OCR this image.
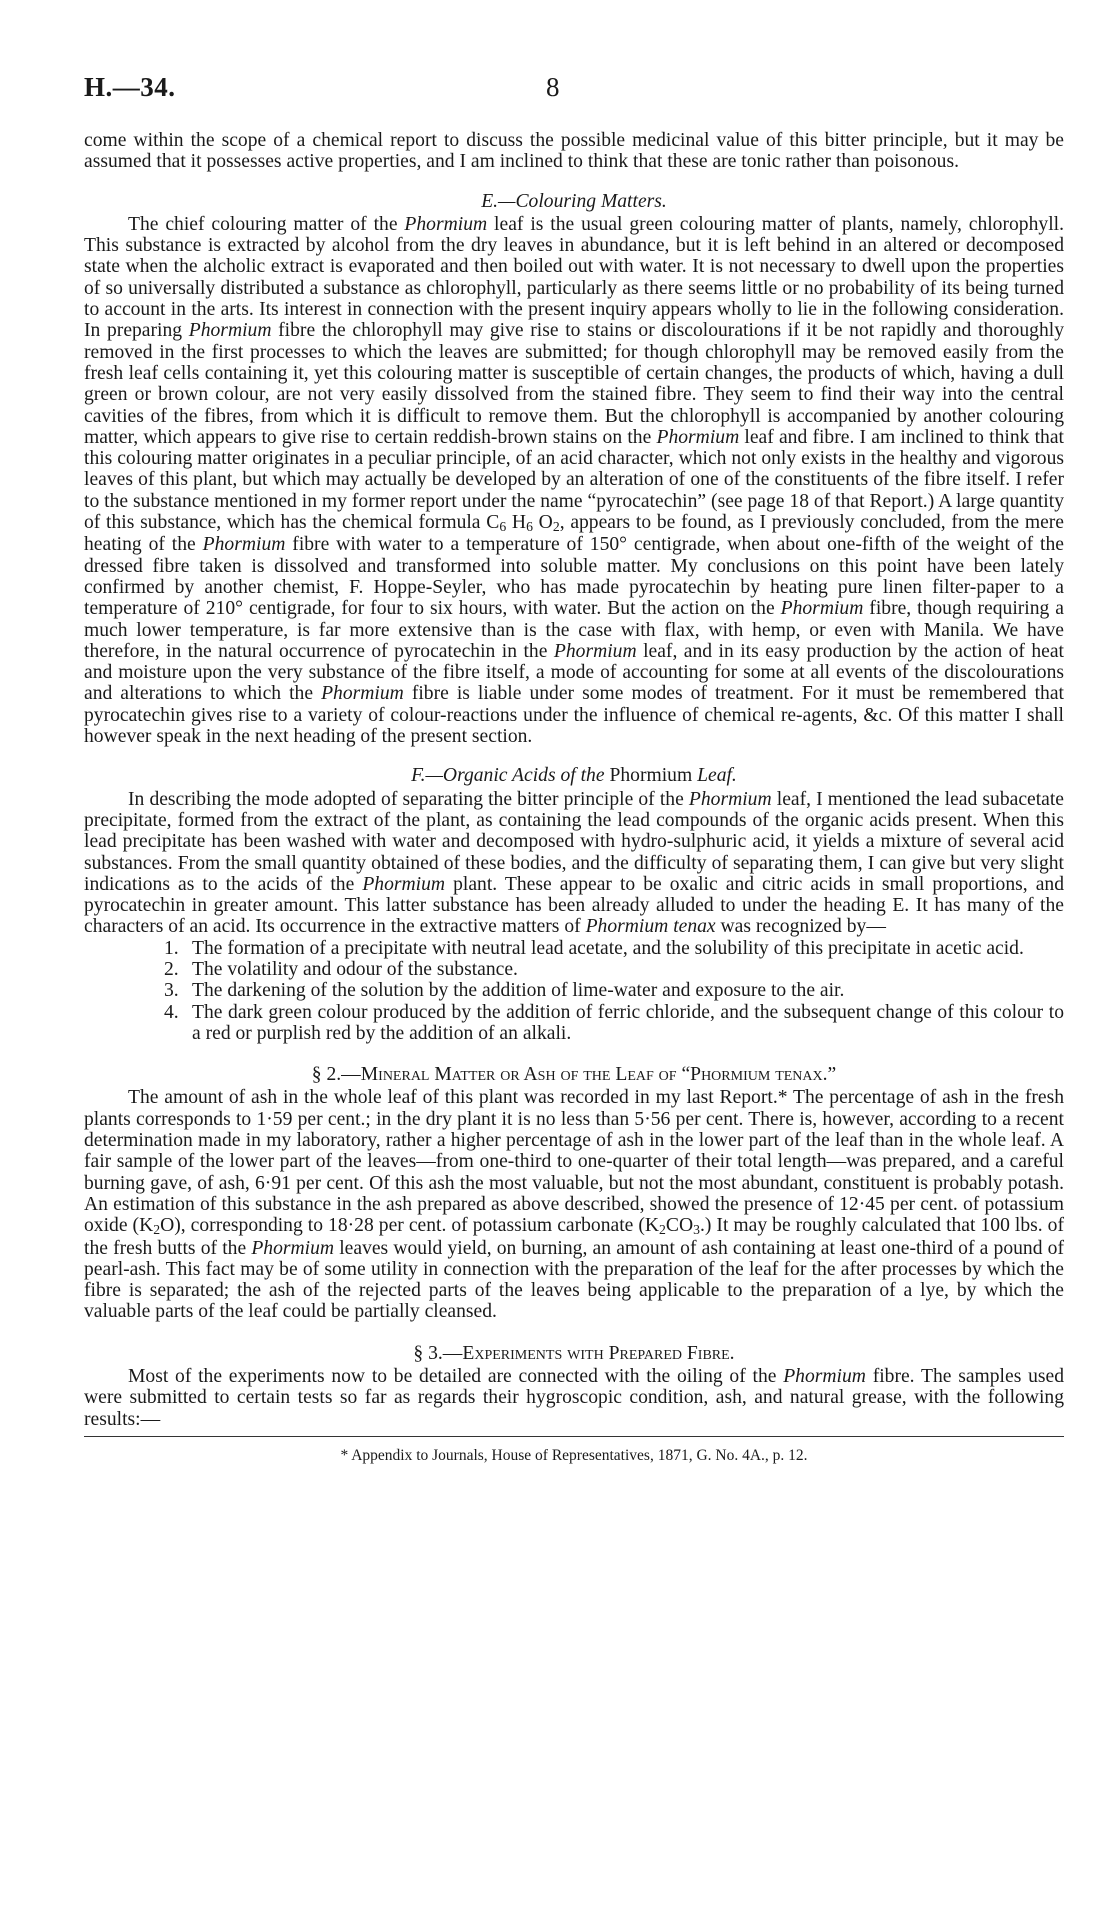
H.—34.	8

come within the scope of a chemical report to discuss the possible medicinal value of this bitter principle, but it may be assumed that it possesses active properties, and I am inclined to think that these are tonic rather than poisonous.

E.—Colouring Matters.

The chief colouring matter of the Phormium leaf is the usual green colouring matter of plants, namely, chlorophyll. This substance is extracted by alcohol from the dry leaves in abundance, but it is left behind in an altered or decomposed state when the alcholic extract is evaporated and then boiled out with water. It is not necessary to dwell upon the properties of so universally distributed a substance as chlorophyll, particularly as there seems little or no probability of its being turned to account in the arts. Its interest in connection with the present inquiry appears wholly to lie in the following consideration. In preparing Phormium fibre the chlorophyll may give rise to stains or discolourations if it be not rapidly and thoroughly removed in the first processes to which the leaves are submitted; for though chlorophyll may be removed easily from the fresh leaf cells containing it, yet this colouring matter is susceptible of certain changes, the products of which, having a dull green or brown colour, are not very easily dissolved from the stained fibre. They seem to find their way into the central cavities of the fibres, from which it is difficult to remove them. But the chlorophyll is accompanied by another colouring matter, which appears to give rise to certain reddish-brown stains on the Phormium leaf and fibre. I am inclined to think that this colouring matter originates in a peculiar principle, of an acid character, which not only exists in the healthy and vigorous leaves of this plant, but which may actually be developed by an alteration of one of the constituents of the fibre itself. I refer to the substance mentioned in my former report under the name “pyrocatechin” (see page 18 of that Report.) A large quantity of this substance, which has the chemical formula $C_6$ $H_6$ $O_2$, appears to be found, as I previously concluded, from the mere heating of the Phormium fibre with water to a temperature of 150° centigrade, when about one-fifth of the weight of the dressed fibre taken is dissolved and transformed into soluble matter. My conclusions on this point have been lately confirmed by another chemist, F. Hoppe-Seyler, who has made pyrocatechin by heating pure linen filter-paper to a temperature of 210° centigrade, for four to six hours, with water. But the action on the Phormium fibre, though requiring a much lower temperature, is far more extensive than is the case with flax, with hemp, or even with Manila. We have therefore, in the natural occurrence of pyrocatechin in the Phormium leaf, and in its easy production by the action of heat and moisture upon the very substance of the fibre itself, a mode of accounting for some at all events of the discolourations and alterations to which the Phormium fibre is liable under some modes of treatment. For it must be remembered that pyrocatechin gives rise to a variety of colour-reactions under the influence of chemical re-agents, &c. Of this matter I shall however speak in the next heading of the present section.

F.—Organic Acids of the Phormium Leaf.

In describing the mode adopted of separating the bitter principle of the Phormium leaf, I mentioned the lead subacetate precipitate, formed from the extract of the plant, as containing the lead compounds of the organic acids present. When this lead precipitate has been washed with water and decomposed with hydro-sulphuric acid, it yields a mixture of several acid substances. From the small quantity obtained of these bodies, and the difficulty of separating them, I can give but very slight indications as to the acids of the Phormium plant. These appear to be oxalic and citric acids in small proportions, and pyrocatechin in greater amount. This latter substance has been already alluded to under the heading E. It has many of the characters of an acid. Its occurrence in the extractive matters of Phormium tenax was recognized by—

1. The formation of a precipitate with neutral lead acetate, and the solubility of this precipitate in acetic acid.
2. The volatility and odour of the substance.
3. The darkening of the solution by the addition of lime-water and exposure to the air.
4. The dark green colour produced by the addition of ferric chloride, and the subsequent change of this colour to a red or purplish red by the addition of an alkali.
§ 2.—Mineral Matter or Ash of the Leaf of “Phormium tenax.”

The amount of ash in the whole leaf of this plant was recorded in my last Report.* The percentage of ash in the fresh plants corresponds to 1·59 per cent.; in the dry plant it is no less than 5·56 per cent. There is, however, according to a recent determination made in my laboratory, rather a higher percentage of ash in the lower part of the leaf than in the whole leaf. A fair sample of the lower part of the leaves—from one-third to one-quarter of their total length—was prepared, and a careful burning gave, of ash, 6·91 per cent. Of this ash the most valuable, but not the most abundant, constituent is probably potash. An estimation of this substance in the ash prepared as above described, showed the presence of 12·45 per cent. of potassium oxide $(K_2O)$, corresponding to 18·28 per cent. of potassium carbonate $(K_2CO_3.)$ It may be roughly calculated that 100 lbs. of the fresh butts of the Phormium leaves would yield, on burning, an amount of ash containing at least one-third of a pound of pearl-ash. This fact may be of some utility in connection with the preparation of the leaf for the after processes by which the fibre is separated; the ash of the rejected parts of the leaves being applicable to the preparation of a lye, by which the valuable parts of the leaf could be partially cleansed.

§ 3.—Experiments with Prepared Fibre.

Most of the experiments now to be detailed are connected with the oiling of the Phormium fibre. The samples used were submitted to certain tests so far as regards their hygroscopic condition, ash, and natural grease, with the following results:—

* Appendix to Journals, House of Representatives, 1871, G. No. 4A., p. 12.
